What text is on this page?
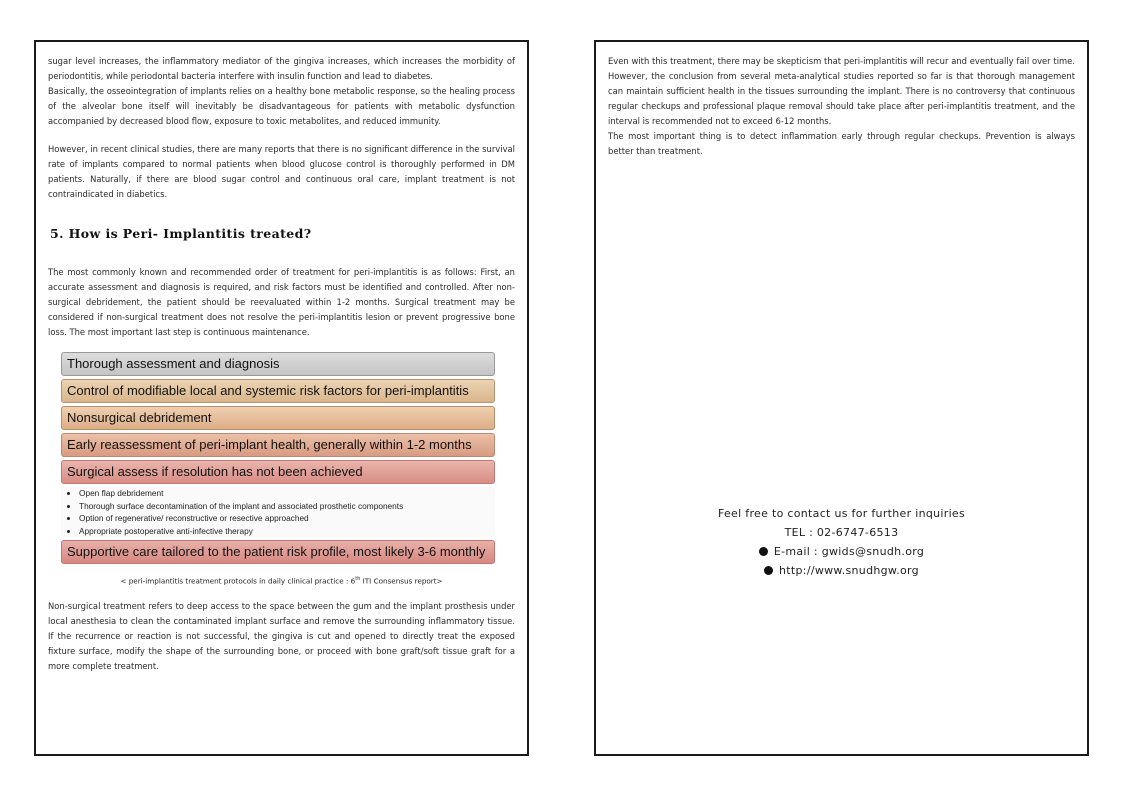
sugar level increases, the inflammatory mediator of the gingiva increases, which increases the morbidity of periodontitis, while periodontal bacteria interfere with insulin function and lead to diabetes.

Basically, the osseointegration of implants relies on a healthy bone metabolic response, so the healing process of the alveolar bone itself will inevitably be disadvantageous for patients with metabolic dysfunction accompanied by decreased blood flow, exposure to toxic metabolites, and reduced immunity.

However, in recent clinical studies, there are many reports that there is no significant difference in the survival rate of implants compared to normal patients when blood glucose control is thoroughly performed in DM patients. Naturally, if there are blood sugar control and continuous oral care, implant treatment is not contraindicated in diabetics.

5. How is Peri- Implantitis treated?

The most commonly known and recommended order of treatment for peri-implantitis is as follows: First, an accurate assessment and diagnosis is required, and risk factors must be identified and controlled. After non-surgical debridement, the patient should be reevaluated within 1-2 months. Surgical treatment may be considered if non-surgical treatment does not resolve the peri-implantitis lesion or prevent progressive bone loss. The most important last step is continuous maintenance.

Thorough assessment and diagnosis
Control of modifiable local and systemic risk factors for peri-implantitis
Nonsurgical debridement
Early reassessment of peri-implant health, generally within 1-2 months
Surgical assess if resolution has not been achieved
• Open flap debridement
• Thorough surface decontamination of the implant and associated prosthetic components
• Option of regenerative/ reconstructive or resective approached
• Appropriate postoperative anti-infective therapy
Supportive care tailored to the patient risk profile, most likely 3-6 monthly
< peri-implantitis treatment protocols in daily clinical practice : 6th ITI Consensus report>

Non-surgical treatment refers to deep access to the space between the gum and the implant prosthesis under local anesthesia to clean the contaminated implant surface and remove the surrounding inflammatory tissue. If the recurrence or reaction is not successful, the gingiva is cut and opened to directly treat the exposed fixture surface, modify the shape of the surrounding bone, or proceed with bone graft/soft tissue graft for a more complete treatment.

Even with this treatment, there may be skepticism that peri-implantitis will recur and eventually fail over time. However, the conclusion from several meta-analytical studies reported so far is that thorough management can maintain sufficient health in the tissues surrounding the implant. There is no controversy that continuous regular checkups and professional plaque removal should take place after peri-implantitis treatment, and the interval is recommended not to exceed 6-12 months.

The most important thing is to detect inflammation early through regular checkups. Prevention is always better than treatment.

Feel free to contact us for further inquiries
TEL : 02-6747-6513
E-mail : gwids@snudh.org
http://www.snudhgw.org
